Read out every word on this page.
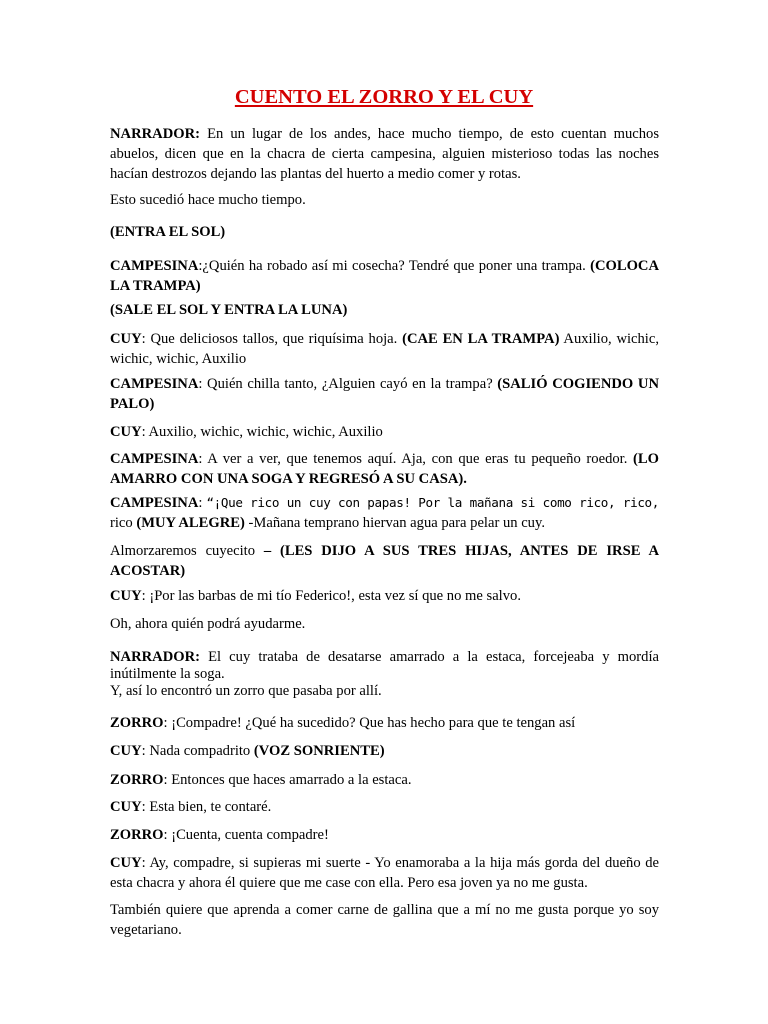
CUENTO EL ZORRO Y EL CUY

NARRADOR: En un lugar de los andes, hace mucho tiempo, de esto cuentan muchos abuelos, dicen que en la chacra de cierta campesina, alguien misterioso todas las noches hacían destrozos dejando las plantas del huerto a medio comer y rotas.

Esto sucedió hace mucho tiempo.

(ENTRA EL SOL)

CAMPESINA:¿Quién ha robado así mi cosecha? Tendré que poner una trampa. (COLOCA LA TRAMPA)

(SALE EL SOL Y ENTRA LA LUNA)

CUY: Que deliciosos tallos, que riquísima hoja. (CAE EN LA TRAMPA) Auxilio, wichic, wichic, wichic, Auxilio

CAMPESINA: Quién chilla tanto, ¿Alguien cayó en la trampa? (SALIÓ COGIENDO UN PALO)

CUY: Auxilio, wichic, wichic, wichic, Auxilio

CAMPESINA: A ver a ver, que tenemos aquí. Aja, con que eras tu pequeño roedor. (LO AMARRO CON UNA SOGA Y REGRESÓ A SU CASA).

CAMPESINA: “¡Que rico un cuy con papas! Por la mañana si como rico, rico, rico (MUY ALEGRE) -Mañana temprano hiervan agua para pelar un cuy.

Almorzaremos cuyecito – (LES DIJO A SUS TRES HIJAS, ANTES DE IRSE A ACOSTAR)

CUY: ¡Por las barbas de mi tío Federico!, esta vez sí que no me salvo.

Oh, ahora quién podrá ayudarme.

NARRADOR: El cuy trataba de desatarse amarrado a la estaca, forcejeaba y mordía inútilmente la soga.
Y, así lo encontró un zorro que pasaba por allí.

ZORRO: ¡Compadre! ¿Qué ha sucedido? Que has hecho para que te tengan así

CUY: Nada compadrito (VOZ SONRIENTE)

ZORRO: Entonces que haces amarrado a la estaca.

CUY: Esta bien, te contaré.

ZORRO: ¡Cuenta, cuenta compadre!

CUY: Ay, compadre, si supieras mi suerte - Yo enamoraba a la hija más gorda del dueño de esta chacra y ahora él quiere que me case con ella. Pero esa joven ya no me gusta.

También quiere que aprenda a comer carne de gallina que a mí no me gusta porque yo soy vegetariano.
